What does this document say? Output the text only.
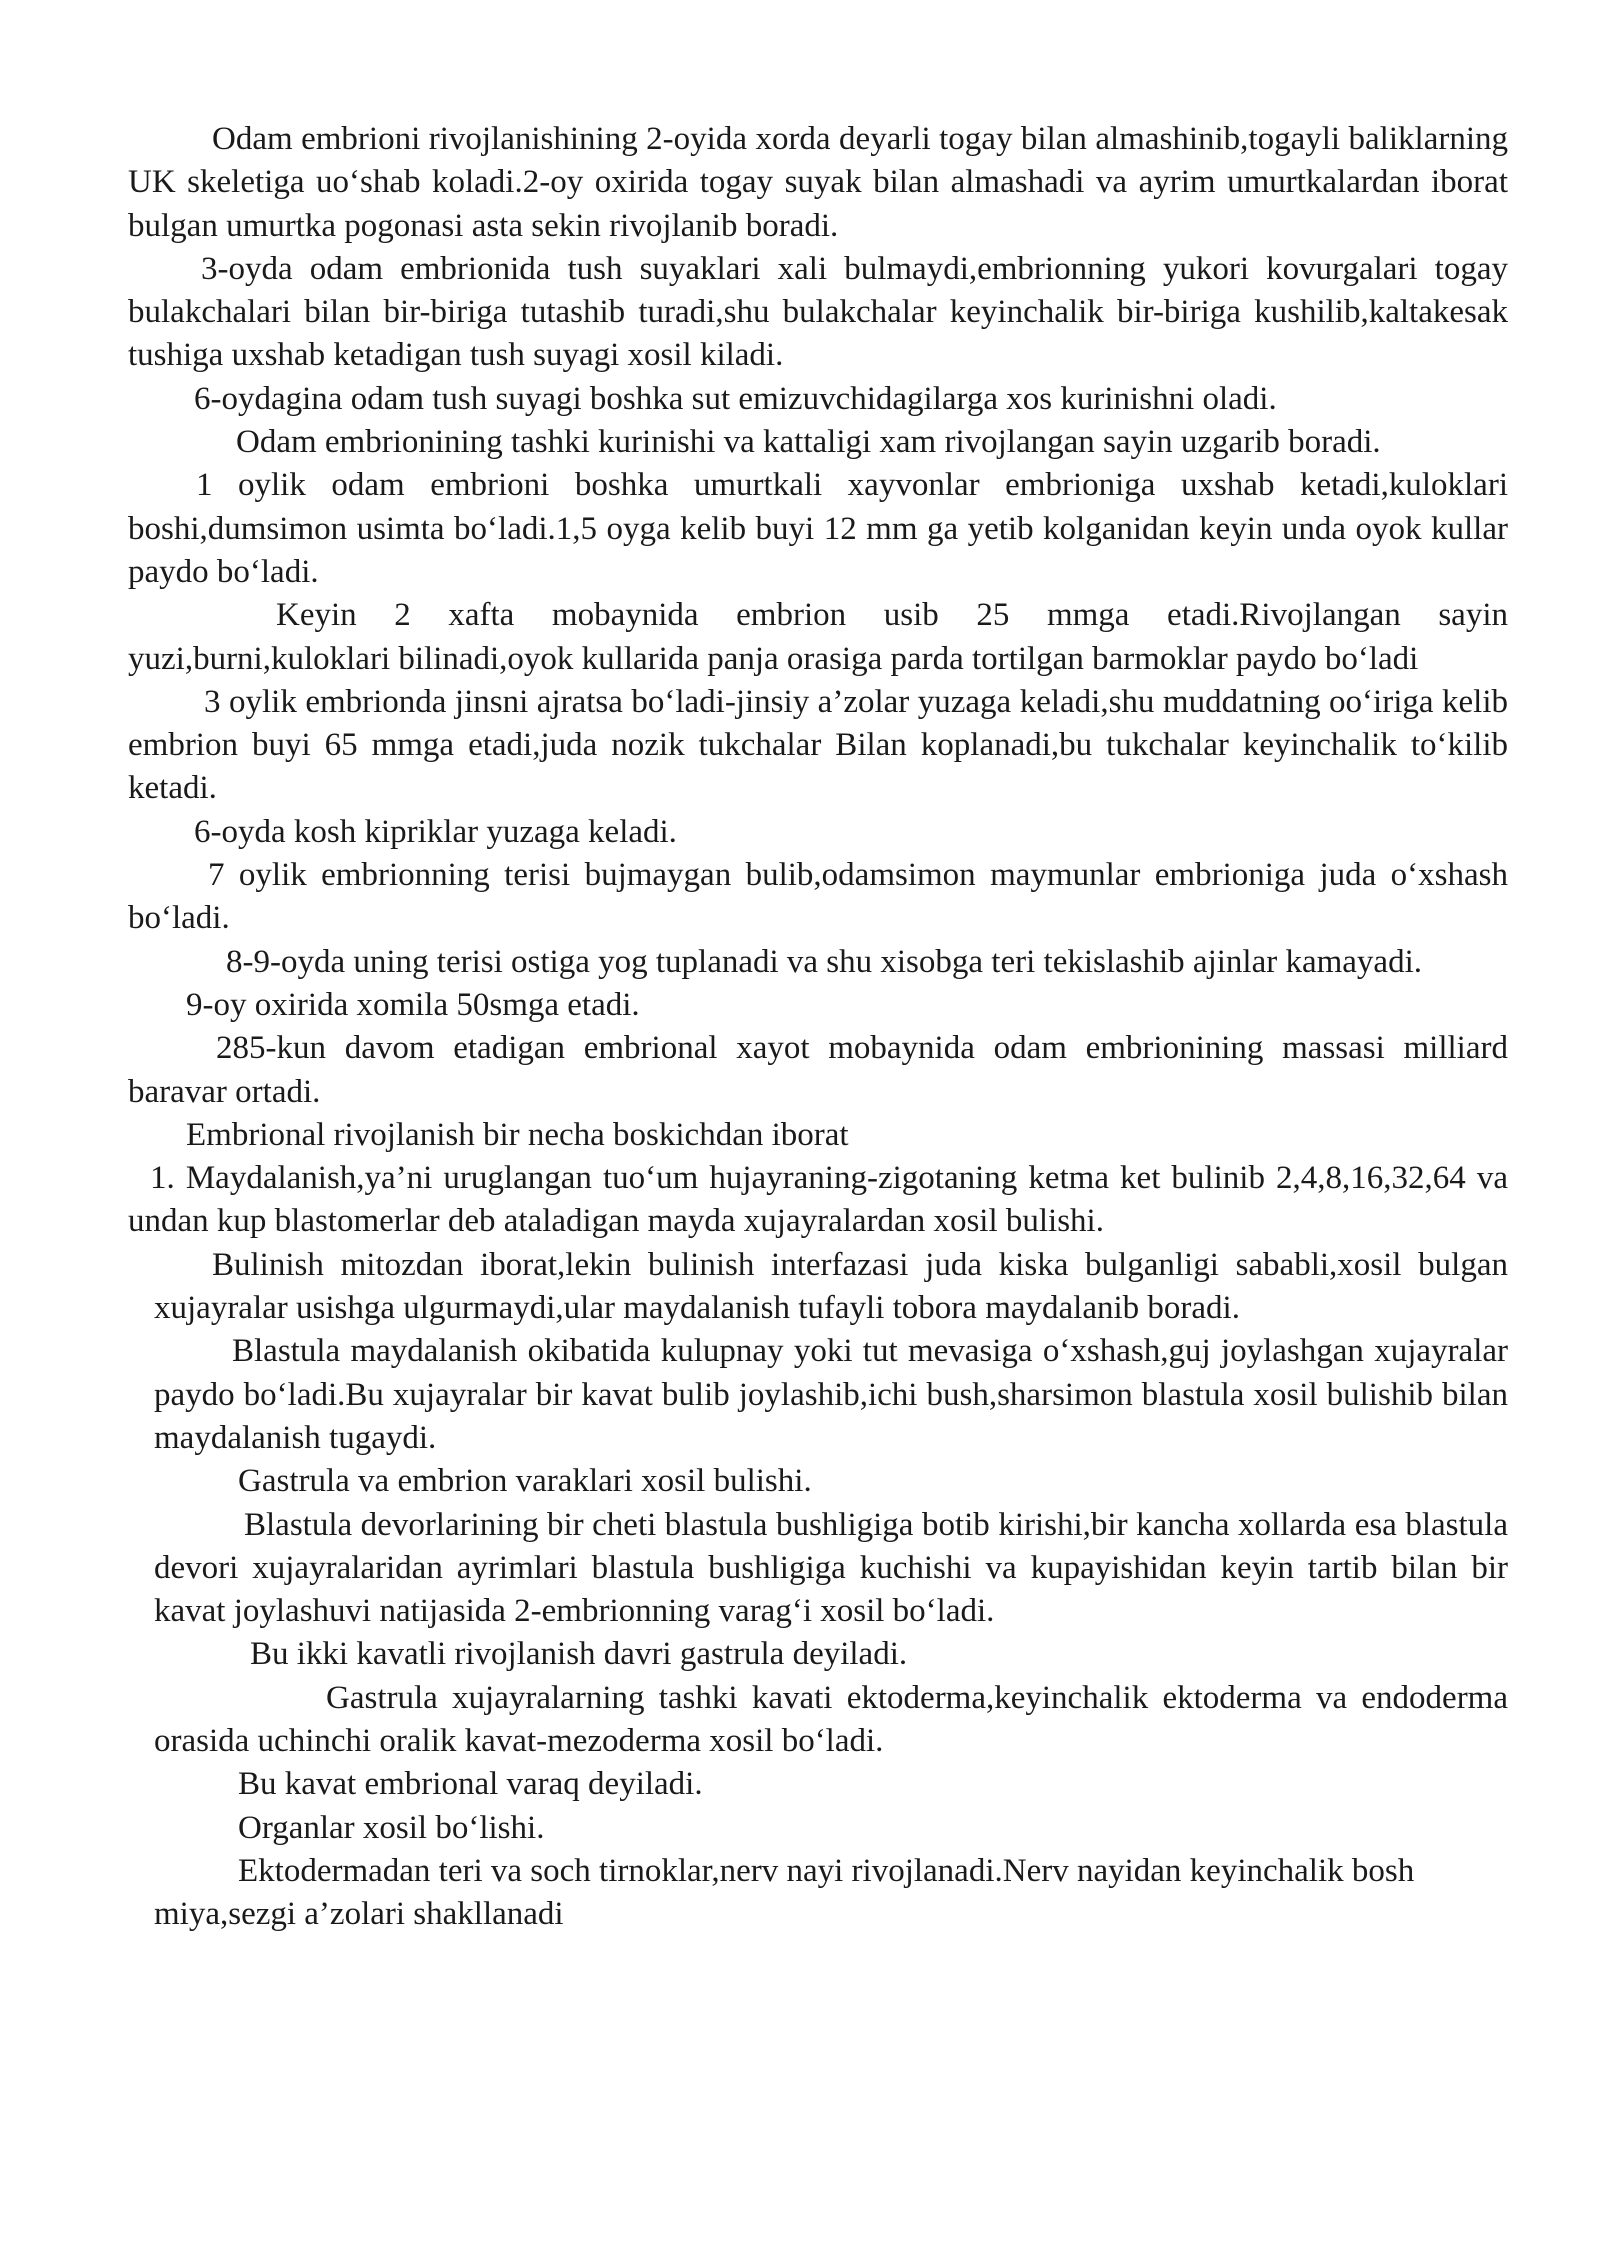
Odam embrioni rivojlanishining 2-oyida xorda deyarli togay bilan almashinib,togayli baliklarning UK skeletiga uo‘shab koladi.2-oy oxirida togay suyak bilan almashadi va ayrim umurtkalardan iborat bulgan umurtka pogonasi asta sekin rivojlanib boradi.

3-oyda odam embrionida tush suyaklari xali bulmaydi,embrionning yukori kovurgalari togay bulakchalari bilan bir-biriga tutashib turadi,shu bulakchalar keyinchalik bir-biriga kushilib,kaltakesak tushiga uxshab ketadigan tush suyagi xosil kiladi.

6-oydagina odam tush suyagi boshka sut emizuvchidagilarga xos kurinishni oladi.

Odam embrionining tashki kurinishi va kattaligi xam rivojlangan sayin uzgarib boradi.

1 oylik odam embrioni boshka umurtkali xayvonlar embrioniga uxshab ketadi,kuloklari boshi,dumsimon usimta bo‘ladi.1,5 oyga kelib buyi 12 mm ga yetib kolganidan keyin unda oyok kullar paydo bo‘ladi.

Keyin 2 xafta mobaynida embrion usib 25 mmga etadi.Rivojlangan sayin yuzi,burni,kuloklari bilinadi,oyok kullarida panja orasiga parda tortilgan barmoklar paydo bo‘ladi

3 oylik embrionda jinsni ajratsa bo‘ladi-jinsiy a’zolar yuzaga keladi,shu muddatning oo‘iriga kelib embrion buyi 65 mmga etadi,juda nozik tukchalar Bilan koplanadi,bu tukchalar keyinchalik to‘kilib ketadi.

6-oyda kosh kipriklar yuzaga keladi.

7 oylik embrionning terisi bujmaygan bulib,odamsimon maymunlar embrioniga juda o‘xshash bo‘ladi.

8-9-oyda uning terisi ostiga yog tuplanadi va shu xisobga teri tekislashib ajinlar kamayadi.

9-oy oxirida xomila 50smga etadi.

285-kun davom etadigan embrional xayot mobaynida odam embrionining massasi milliard baravar ortadi.

Embrional rivojlanish bir necha boskichdan iborat

1. Maydalanish,ya’ni uruglangan tuo‘um hujayraning-zigotaning ketma ket bulinib 2,4,8,16,32,64 va undan kup blastomerlar deb ataladigan mayda xujayralardan xosil bulishi.

Bulinish mitozdan iborat,lekin bulinish interfazasi juda kiska bulganligi sababli,xosil bulgan xujayralar usishga ulgurmaydi,ular maydalanish tufayli tobora maydalanib boradi.

Blastula maydalanish okibatida kulupnay yoki tut mevasiga o‘xshash,guj joylashgan xujayralar paydo bo‘ladi.Bu xujayralar bir kavat bulib joylashib,ichi bush,sharsimon blastula xosil bulishib bilan maydalanish tugaydi.

Gastrula va embrion varaklari xosil bulishi.

Blastula devorlarining bir cheti blastula bushligiga botib kirishi,bir kancha xollarda esa blastula devori xujayralaridan ayrimlari blastula bushligiga kuchishi va kupayishidan keyin tartib bilan bir kavat joylashuvi natijasida 2-embrionning varag‘i xosil bo‘ladi.

Bu ikki kavatli rivojlanish davri gastrula deyiladi.

Gastrula xujayralarning tashki kavati ektoderma,keyinchalik ektoderma va endoderma orasida uchinchi oralik kavat-mezoderma xosil bo‘ladi.

Bu kavat embrional varaq deyiladi.

Organlar xosil bo‘lishi.

Ektodermadan teri va soch tirnoklar,nerv nayi rivojlanadi.Nerv nayidan keyinchalik bosh miya,sezgi a’zolari shakllanadi
